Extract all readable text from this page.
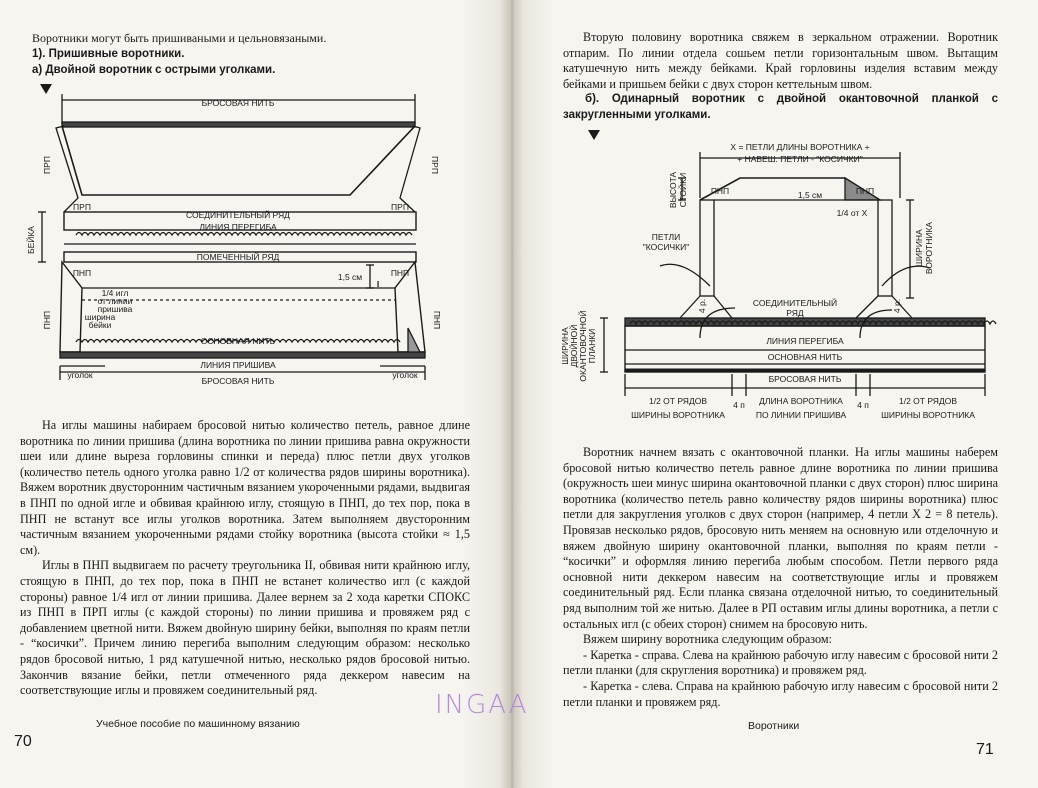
Воротники могут быть пришиваными и цельновязаными.
1). Пришивные воротники.
а) Двойной воротник с острыми уголками.
БРОСОВАЯ НИТЬ
СОЕДИНИТЕЛЬНЫЙ РЯД
ЛИНИЯ ПЕРЕГИБА
ПОМЕЧЕННЫЙ РЯД
ОСНОВНАЯ НИТЬ
ЛИНИЯ ПРИШИВА
БРОСОВАЯ НИТЬ
ПРП	ПРП
ПНП	ПНП
1/4 игл
от линии
пришива
1,5 см
I
уголок	уголок
ширина
бейки
БЕЙКА
ПРП	ПРП
ПНП	ПНП

На иглы машины набираем бросовой нитью количество петель, равное длине воротника по линии пришива (длина воротника по линии пришива равна окружности шеи или длине выреза горловины спинки и переда) плюс петли двух уголков (количество петель одного уголка равно 1/2 от количества рядов ширины воротника). Вяжем воротник двусторонним частичным вязанием укороченными рядами, выдвигая в ПНП по одной игле и обвивая крайнюю иглу, стоящую в ПНП, до тех пор, пока в ПНП не встанут все иглы уголков воротника. Затем выполняем двусторонним частичным вязанием укороченными рядами стойку воротника (высота стойки ≈ 1,5 см).

Иглы в ПНП выдвигаем по расчету треугольника II, обвивая нити крайнюю иглу, стоящую в ПНП, до тех пор, пока в ПНП не встанет количество игл (с каждой стороны) равное 1/4 игл от линии пришива. Далее вернем за 2 хода каретки СПОКС из ПНП в ПРП иглы (с каждой стороны) по линии пришива и провяжем ряд с добавлением цветной нити. Вяжем двойную ширину бейки, выполняя по краям петли - “косички”. Причем линию перегиба выполним следующим образом: несколько рядов бросовой нитью, 1 ряд катушечной нитью, несколько рядов бросовой нитью. Закончив вязание бейки, петли отмеченного ряда деккером навесим на соответствующие иглы и провяжем соединительный ряд.

Учебное пособие по машинному вязанию
70
INGAA

Вторую половину воротника свяжем в зеркальном отражении. Воротник отпарим. По линии отдела сошьем петли горизонтальным швом. Вытащим катушечную нить между бейками. Край горловины изделия вставим между бейками и пришьем бейки с двух сторон кеттельным швом.

б). Одинарный воротник с двойной окантовочной планкой с закругленными уголками.

X = ПЕТЛИ ДЛИНЫ ВОРОТНИКА +
+ НАВЕШ. ПЕТЛИ - "КОСИЧКИ"
ПНП	ПНП
1,5 см
1/4 от X
ПЕТЛИ
"КОСИЧКИ"
СОЕДИНИТЕЛЬНЫЙ
РЯД
ЛИНИЯ ПЕРЕГИБА
ОСНОВНАЯ НИТЬ
БРОСОВАЯ НИТЬ
1/2 ОТ РЯДОВ
ШИРИНЫ ВОРОТНИКА
4 п ДЛИНА ВОРОТНИКА
ПО ЛИНИИ ПРИШИВА
4 п	1/2 ОТ РЯДОВ
ШИРИНЫ ВОРОТНИКА
ВЫСОТА СТОЙКИ
ШИРИНА ВОРОТНИКА
4 р.	4 р.
ШИРИНА ДВОЙНОЙ ОКАНТОВОЧНОЙ ПЛАНКИ

Воротник начнем вязать с окантовочной планки. На иглы машины наберем бросовой нитью количество петель равное длине воротника по линии пришива (окружность шеи минус ширина окантовочной планки с двух сторон) плюс ширина воротника (количество петель равно количеству рядов ширины воротника) плюс петли для закругления уголков с двух сторон (например, 4 петли X 2 = 8 петель). Провязав несколько рядов, бросовую нить меняем на основную или отделочную и вяжем двойную ширину окантовочной планки, выполняя по краям петли - “косички” и оформляя линию перегиба любым способом. Петли первого ряда основной нити деккером навесим на соответствующие иглы и провяжем соединительный ряд. Если планка связана отделочной нитью, то соединительный ряд выполним той же нитью. Далее в РП оставим иглы длины воротника, а петли с остальных игл (с обеих сторон) снимем на бросовую нить.

Вяжем ширину воротника следующим образом:

- Каретка - справа. Слева на крайнюю рабочую иглу навесим с бросовой нити 2 петли планки (для скругления воротника) и провяжем ряд.

- Каретка - слева. Справа на крайнюю рабочую иглу навесим с бросовой нити 2 петли планки и провяжем ряд.

Воротники
71
